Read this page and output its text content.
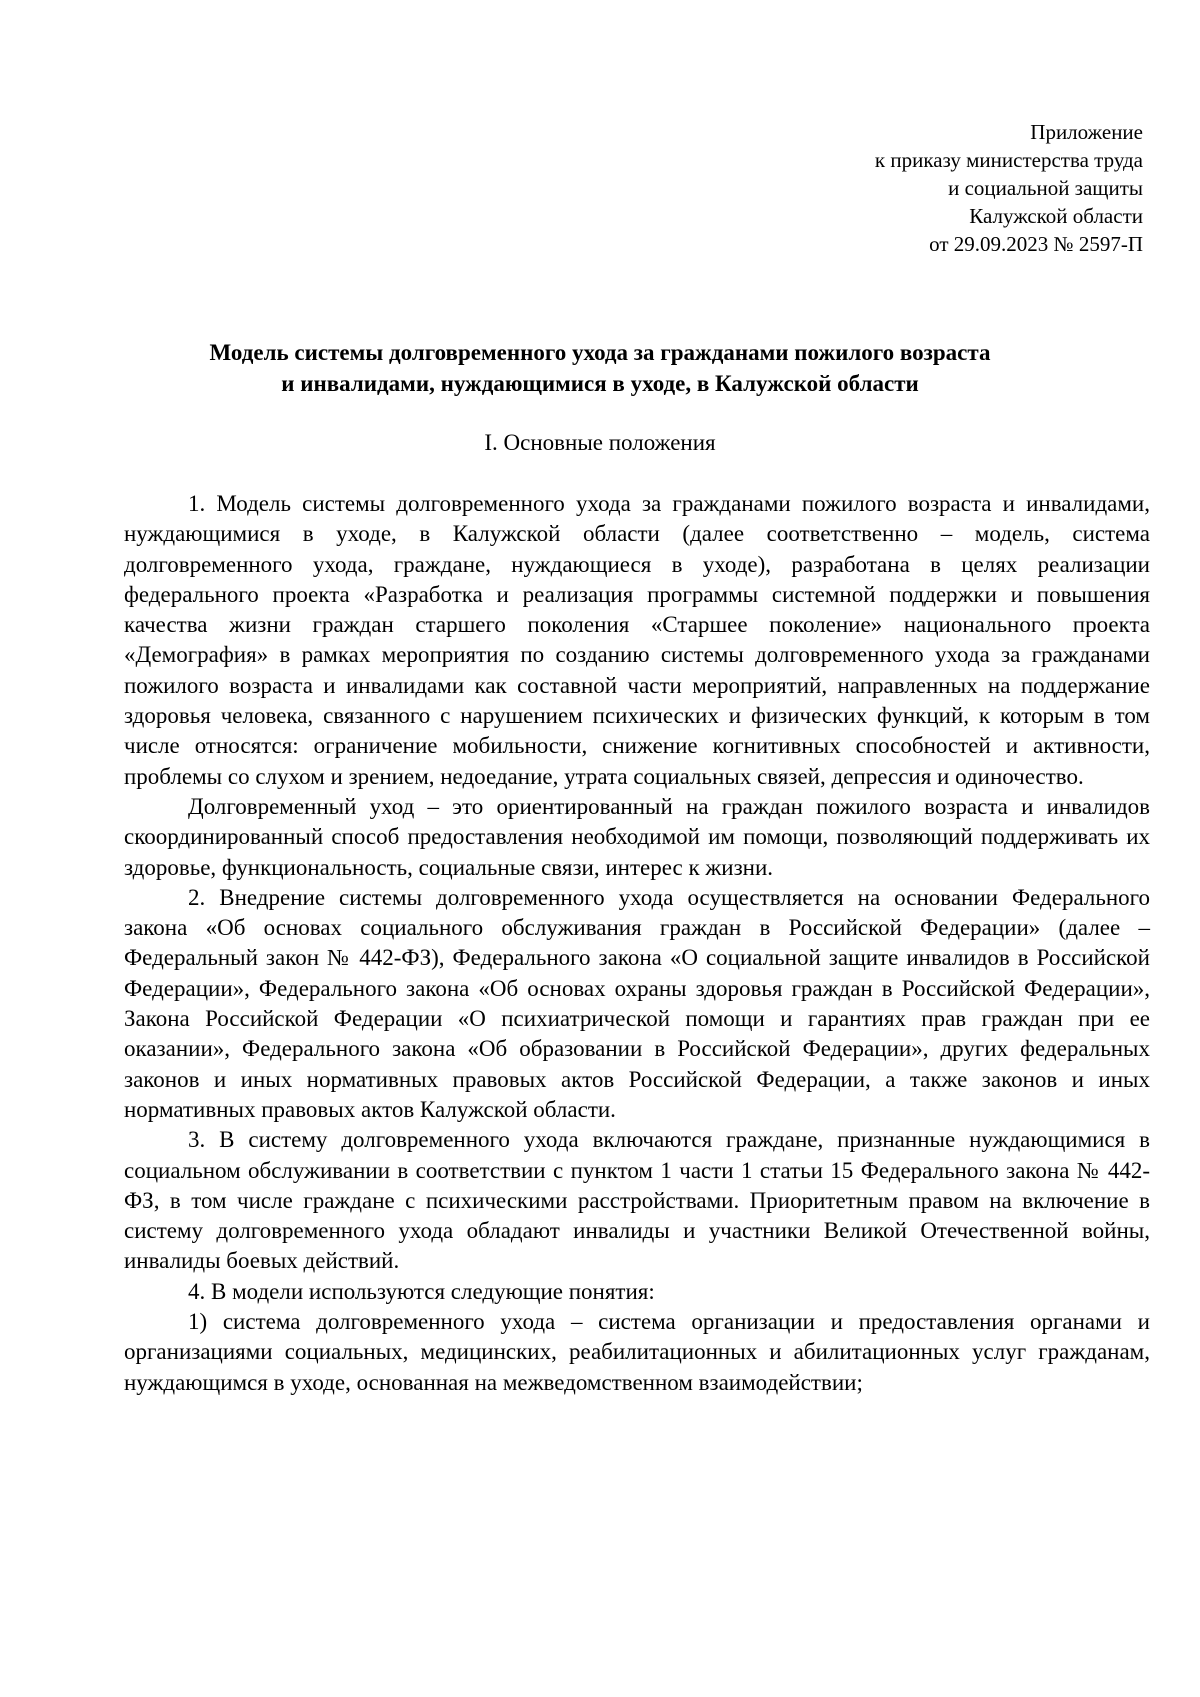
Приложение
к приказу министерства труда
и социальной защиты
Калужской области
от 29.09.2023 № 2597-П
Модель системы долговременного ухода за гражданами пожилого возраста
и инвалидами, нуждающимися в уходе, в Калужской области
I. Основные положения

1. Модель системы долговременного ухода за гражданами пожилого возраста и инвалидами, нуждающимися в уходе, в Калужской области (далее соответственно – модель, система долговременного ухода, граждане, нуждающиеся в уходе), разработана в целях реализации федерального проекта «Разработка и реализация программы системной поддержки и повышения качества жизни граждан старшего поколения «Старшее поколение» национального проекта «Демография» в рамках мероприятия по созданию системы долговременного ухода за гражданами пожилого возраста и инвалидами как составной части мероприятий, направленных на поддержание здоровья человека, связанного с нарушением психических и физических функций, к которым в том числе относятся: ограничение мобильности, снижение когнитивных способностей и активности, проблемы со слухом и зрением, недоедание, утрата социальных связей, депрессия и одиночество.

Долговременный уход – это ориентированный на граждан пожилого возраста и инвалидов скоординированный способ предоставления необходимой им помощи, позволяющий поддерживать их здоровье, функциональность, социальные связи, интерес к жизни.

2. Внедрение системы долговременного ухода осуществляется на основании Федерального закона «Об основах социального обслуживания граждан в Российской Федерации» (далее – Федеральный закон № 442-ФЗ), Федерального закона «О социальной защите инвалидов в Российской Федерации», Федерального закона «Об основах охраны здоровья граждан в Российской Федерации», Закона Российской Федерации «О психиатрической помощи и гарантиях прав граждан при ее оказании», Федерального закона «Об образовании в Российской Федерации», других федеральных законов и иных нормативных правовых актов Российской Федерации, а также законов и иных нормативных правовых актов Калужской области.

3. В систему долговременного ухода включаются граждане, признанные нуждающимися в социальном обслуживании в соответствии с пунктом 1 части 1 статьи 15 Федерального закона № 442-ФЗ, в том числе граждане с психическими расстройствами. Приоритетным правом на включение в систему долговременного ухода обладают инвалиды и участники Великой Отечественной войны, инвалиды боевых действий.

4. В модели используются следующие понятия:

1) система долговременного ухода – система организации и предоставления органами и организациями социальных, медицинских, реабилитационных и абилитационных услуг гражданам, нуждающимся в уходе, основанная на межведомственном взаимодействии;
